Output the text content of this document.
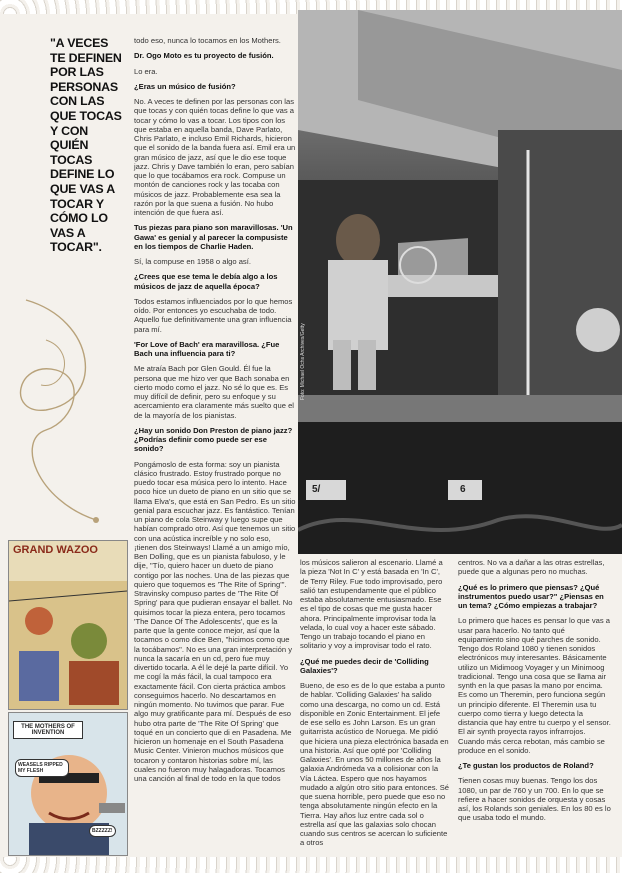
"A VECES TE DEFINEN POR LAS PERSONAS CON LAS QUE TOCAS Y CON QUIÉN TOCAS DEFINE LO QUE VAS A TOCAR Y CÓMO LO VAS A TOCAR".

todo eso, nunca lo tocamos en los Mothers.

Dr. Ogo Moto es tu proyecto de fusión.

Lo era.

¿Eras un músico de fusión?

No. A veces te definen por las personas con las que tocas y con quién tocas define lo que vas a tocar y cómo lo vas a tocar. Los tipos con los que estaba en aquella banda, Dave Parlato, Chris Parlato, e incluso Emil Richards, hicieron que el sonido de la banda fuera así. Emil era un gran músico de jazz, así que le dio ese toque jazz. Chris y Dave también lo eran, pero sabían que lo que tocábamos era rock. Compuse un montón de canciones rock y las tocaba con músicos de jazz. Probablemente esa sea la razón por la que suena a fusión. No hubo intención de que fuera así.

Tus piezas para piano son maravillosas. 'Un Gawa' es genial y al parecer la compusiste en los tiempos de Charlie Haden.

Sí, la compuse en 1958 o algo así.

¿Crees que ese tema le debía algo a los músicos de jazz de aquella época?

Todos estamos influenciados por lo que hemos oído. Por entonces yo escuchaba de todo. Aquello fue definitivamente una gran influencia para mí.

'For Love of Bach' era maravillosa. ¿Fue Bach una influencia para ti?

Me atraía Bach por Glen Gould. Él fue la persona que me hizo ver que Bach sonaba en cierto modo como el jazz. No sé lo que es. Es muy difícil de definir, pero su enfoque y su acercamiento era claramente más suelto que el de la mayoría de los pianistas.

¿Hay un sonido Don Preston de piano jazz? ¿Podrías definir como puede ser ese sonido?

Pongámoslo de esta forma: soy un pianista clásico frustrado. Estoy frustrado porque no puedo tocar esa música pero lo intento. Hace poco hice un dueto de piano en un sitio que se llama Elva's, que está en San Pedro. Es un sitio genial para escuchar jazz. Es fantástico. Tenían un piano de cola Steinway y luego supe que habían comprado otro. Así que tenemos un sitio con una acústica increíble y no solo eso, ¡tienen dos Steinways! Llamé a un amigo mío, Ben Dolling, que es un pianista fabuloso, y le dije, "Tío, quiero hacer un dueto de piano contigo por las noches. Una de las piezas que quiero que toquemos es 'The Rite of Spring'". Stravinsky compuso partes de 'The Rite Of Spring' para que pudieran ensayar el ballet. No quisimos tocar la pieza entera, pero tocamos 'The Dance Of The Adolescents', que es la parte que la gente conoce mejor, así que la tocamos o como dice Ben, "hicimos como que la tocábamos". No es una gran interpretación y nunca la sacaría en un cd, pero fue muy divertido tocarla. A él le dejé la parte difícil. Yo me cogí la más fácil, la cual tampoco era exactamente fácil. Con cierta práctica ambos conseguimos hacerlo. No descartamos en ningún momento. No tuvimos que parar. Fue algo muy gratificante para mí. Después de eso hubo otra parte de 'The Rite Of Spring' que toqué en un concierto que di en Pasadena. Me hicieron un homenaje en el South Pasadena Music Center. Vinieron muchos músicos que tocaron y contaron historias sobre mí, las cuales no fueron muy halagadoras. Tocamos una canción al final de todo en la que todos

5/	6
Foto: Michael Ochs Archives/Getty
GRAND WAZOO
THE MOTHERS OF INVENTION
WEASELS RIPPED MY FLESH
BZZZZZ!

los músicos salieron al escenario. Llamé a la pieza 'Not In C' y está basada en 'In C', de Terry Riley. Fue todo improvisado, pero salió tan estupendamente que el público estaba absolutamente entusiasmado. Ese es el tipo de cosas que me gusta hacer ahora. Principalmente improvisar toda la velada, lo cual voy a hacer este sábado. Tengo un trabajo tocando el piano en solitario y voy a improvisar todo el rato.

¿Qué me puedes decir de 'Colliding Galaxies'?

Bueno, de eso es de lo que estaba a punto de hablar. 'Colliding Galaxies' ha salido como una descarga, no como un cd. Está disponible en Zonic Entertainment. El jefe de ese sello es John Larson. Es un gran guitarrista acústico de Noruega. Me pidió que hiciera una pieza electrónica basada en una historia. Así que opté por 'Colliding Galaxies'. En unos 50 millones de años la galaxia Andrómeda va a colisionar con la Vía Láctea. Espero que nos hayamos mudado a algún otro sitio para entonces. Sé que suena horrible, pero puede que eso no tenga absolutamente ningún efecto en la Tierra. Hay años luz entre cada sol o estrella así que las galaxias solo chocan cuando sus centros se acercan lo suficiente a otros

centros. No va a dañar a las otras estrellas, puede que a algunas pero no muchas.

¿Qué es lo primero que piensas? ¿Qué instrumentos puedo usar?" ¿Piensas en un tema? ¿Cómo empiezas a trabajar?

Lo primero que haces es pensar lo que vas a usar para hacerlo. No tanto qué equipamiento sino qué parches de sonido. Tengo dos Roland 1080 y tienen sonidos electrónicos muy interesantes. Básicamente utilizo un Midimoog Voyager y un Minimoog tradicional. Tengo una cosa que se llama air synth en la que pasas la mano por encima. Es como un Theremin, pero funciona según un principio diferente. El Theremin usa tu cuerpo como tierra y luego detecta la distancia que hay entre tu cuerpo y el sensor. El air synth proyecta rayos infrarrojos. Cuando más cerca rebotan, más cambio se produce en el sonido.

¿Te gustan los productos de Roland?

Tienen cosas muy buenas. Tengo los dos 1080, un par de 760 y un 700. En lo que se refiere a hacer sonidos de orquesta y cosas así, los Rolands son geniales. En los 80 es lo que usaba todo el mundo.
